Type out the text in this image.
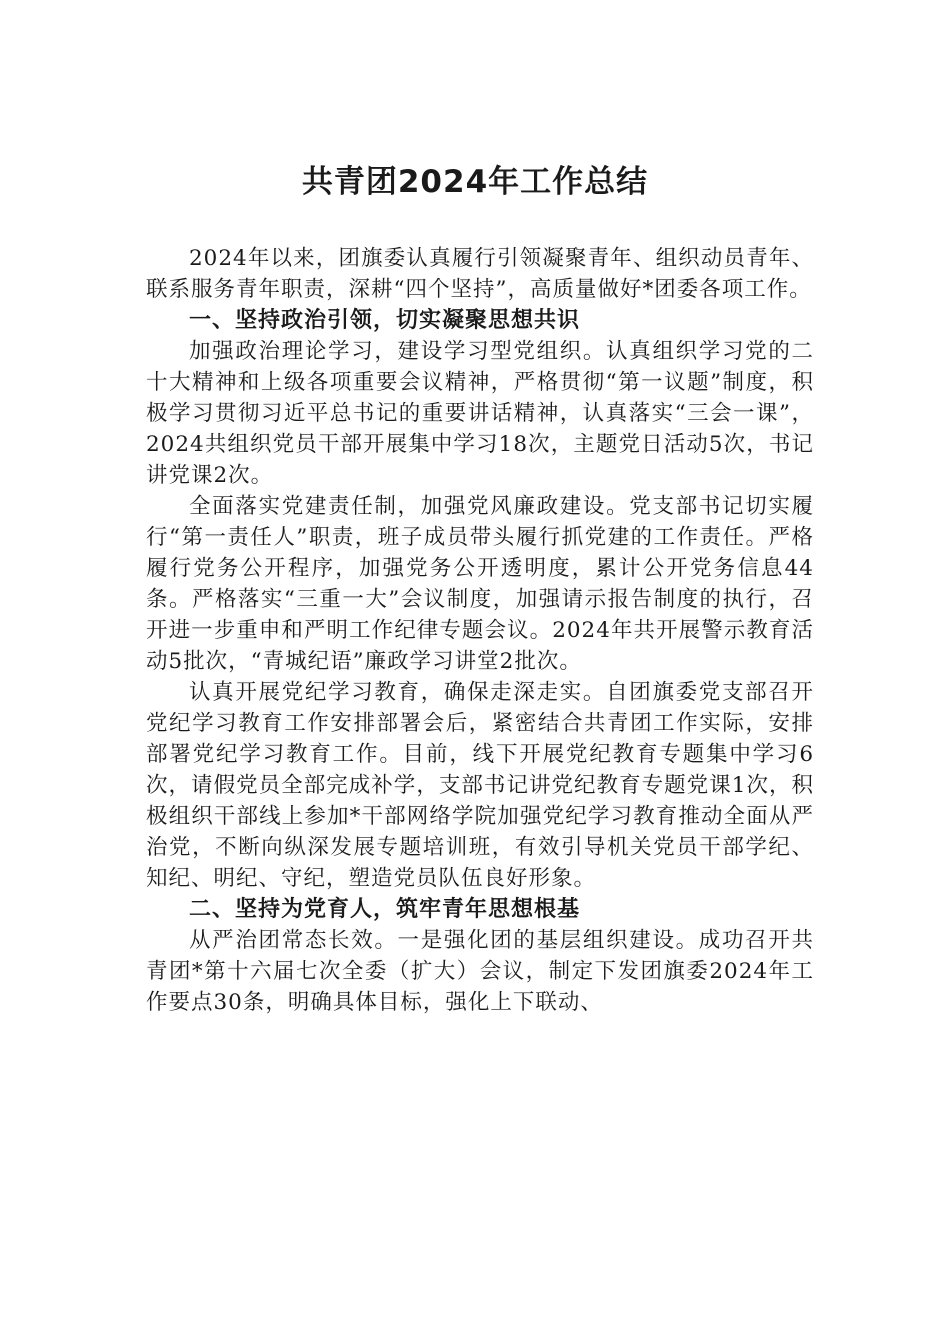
共青团2024年工作总结

2024年以来，团旗委认真履行引领凝聚青年、组织动员青年、联系服务青年职责，深耕“四个坚持”，高质量做好*团委各项工作。

一、坚持政治引领，切实凝聚思想共识

加强政治理论学习，建设学习型党组织。认真组织学习党的二十大精神和上级各项重要会议精神，严格贯彻“第一议题”制度，积极学习贯彻习近平总书记的重要讲话精神，认真落实“三会一课”，2024共组织党员干部开展集中学习18次，主题党日活动5次，书记讲党课2次。

全面落实党建责任制，加强党风廉政建设。党支部书记切实履行“第一责任人”职责，班子成员带头履行抓党建的工作责任。严格履行党务公开程序，加强党务公开透明度，累计公开党务信息44条。严格落实“三重一大”会议制度，加强请示报告制度的执行，召开进一步重申和严明工作纪律专题会议。2024年共开展警示教育活动5批次，“青城纪语”廉政学习讲堂2批次。

认真开展党纪学习教育，确保走深走实。自团旗委党支部召开党纪学习教育工作安排部署会后，紧密结合共青团工作实际，安排部署党纪学习教育工作。目前，线下开展党纪教育专题集中学习6次，请假党员全部完成补学，支部书记讲党纪教育专题党课1次，积极组织干部线上参加*干部网络学院加强党纪学习教育推动全面从严治党，不断向纵深发展专题培训班，有效引导机关党员干部学纪、知纪、明纪、守纪，塑造党员队伍良好形象。

二、坚持为党育人，筑牢青年思想根基

从严治团常态长效。一是强化团的基层组织建设。成功召开共青团*第十六届七次全委（扩大）会议，制定下发团旗委2024年工作要点30条，明确具体目标，强化上下联动、
